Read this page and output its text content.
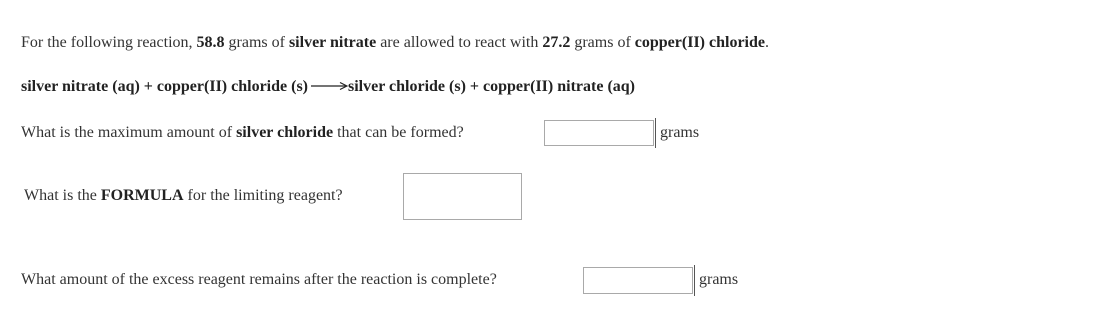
For the following reaction, 58.8 grams of silver nitrate are allowed to react with 27.2 grams of copper(II) chloride.
silver nitrate (aq) + copper(II) chloride (s)	silver chloride (s) + copper(II) nitrate (aq)
What is the maximum amount of silver chloride that can be formed?	grams
What is the FORMULA for the limiting reagent?
What amount of the excess reagent remains after the reaction is complete?	grams
